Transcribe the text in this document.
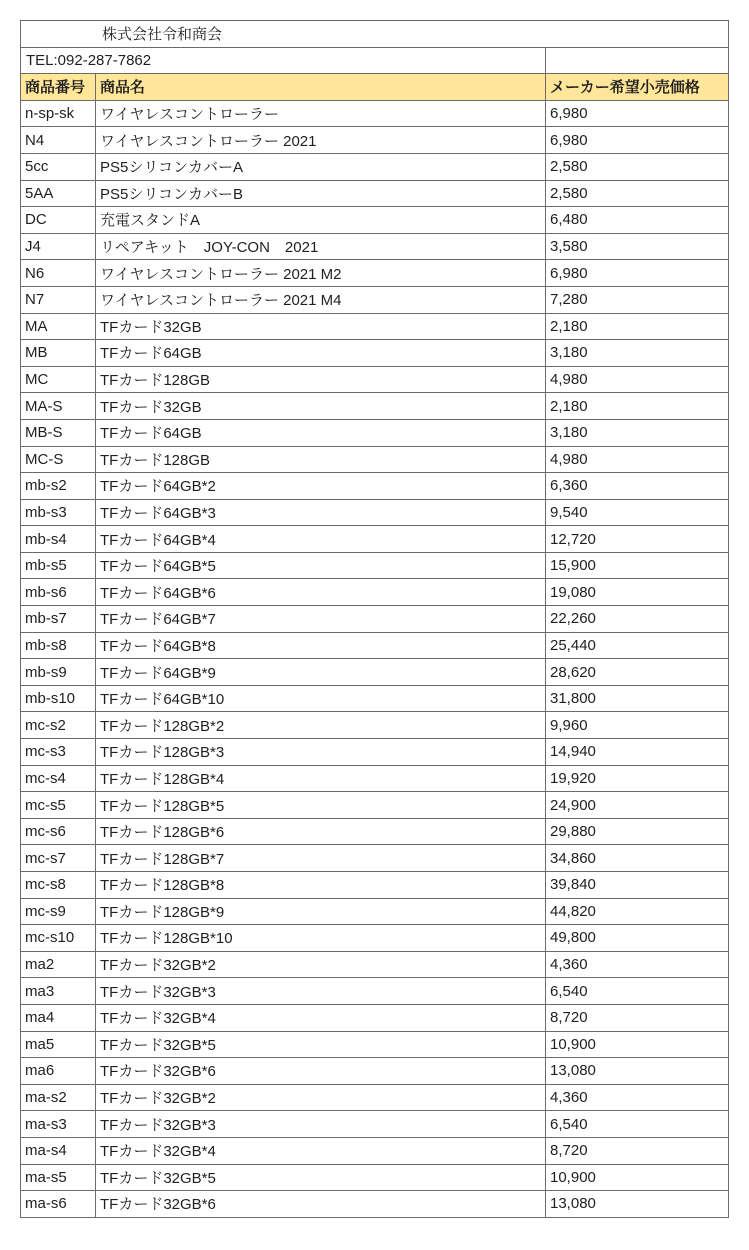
株式会社令和商会		
TEL:092-287-7862		
商品番号	商品名	メーカー希望小売価格
n-sp-sk	ワイヤレスコントローラー	6,980
N4	ワイヤレスコントローラー 2021	6,980
5cc	PS5シリコンカバーA	2,580
5AA	PS5シリコンカバーB	2,580
DC	充電スタンドA	6,480
J4	リペアキット　JOY-CON　2021	3,580
N6	ワイヤレスコントローラー 2021 M2	6,980
N7	ワイヤレスコントローラー 2021 M4	7,280
MA	TFカード32GB	2,180
MB	TFカード64GB	3,180
MC	TFカード128GB	4,980
MA-S	TFカード32GB	2,180
MB-S	TFカード64GB	3,180
MC-S	TFカード128GB	4,980
mb-s2	TFカード64GB*2	6,360
mb-s3	TFカード64GB*3	9,540
mb-s4	TFカード64GB*4	12,720
mb-s5	TFカード64GB*5	15,900
mb-s6	TFカード64GB*6	19,080
mb-s7	TFカード64GB*7	22,260
mb-s8	TFカード64GB*8	25,440
mb-s9	TFカード64GB*9	28,620
mb-s10	TFカード64GB*10	31,800
mc-s2	TFカード128GB*2	9,960
mc-s3	TFカード128GB*3	14,940
mc-s4	TFカード128GB*4	19,920
mc-s5	TFカード128GB*5	24,900
mc-s6	TFカード128GB*6	29,880
mc-s7	TFカード128GB*7	34,860
mc-s8	TFカード128GB*8	39,840
mc-s9	TFカード128GB*9	44,820
mc-s10	TFカード128GB*10	49,800
ma2	TFカード32GB*2	4,360
ma3	TFカード32GB*3	6,540
ma4	TFカード32GB*4	8,720
ma5	TFカード32GB*5	10,900
ma6	TFカード32GB*6	13,080
ma-s2	TFカード32GB*2	4,360
ma-s3	TFカード32GB*3	6,540
ma-s4	TFカード32GB*4	8,720
ma-s5	TFカード32GB*5	10,900
ma-s6	TFカード32GB*6	13,080
